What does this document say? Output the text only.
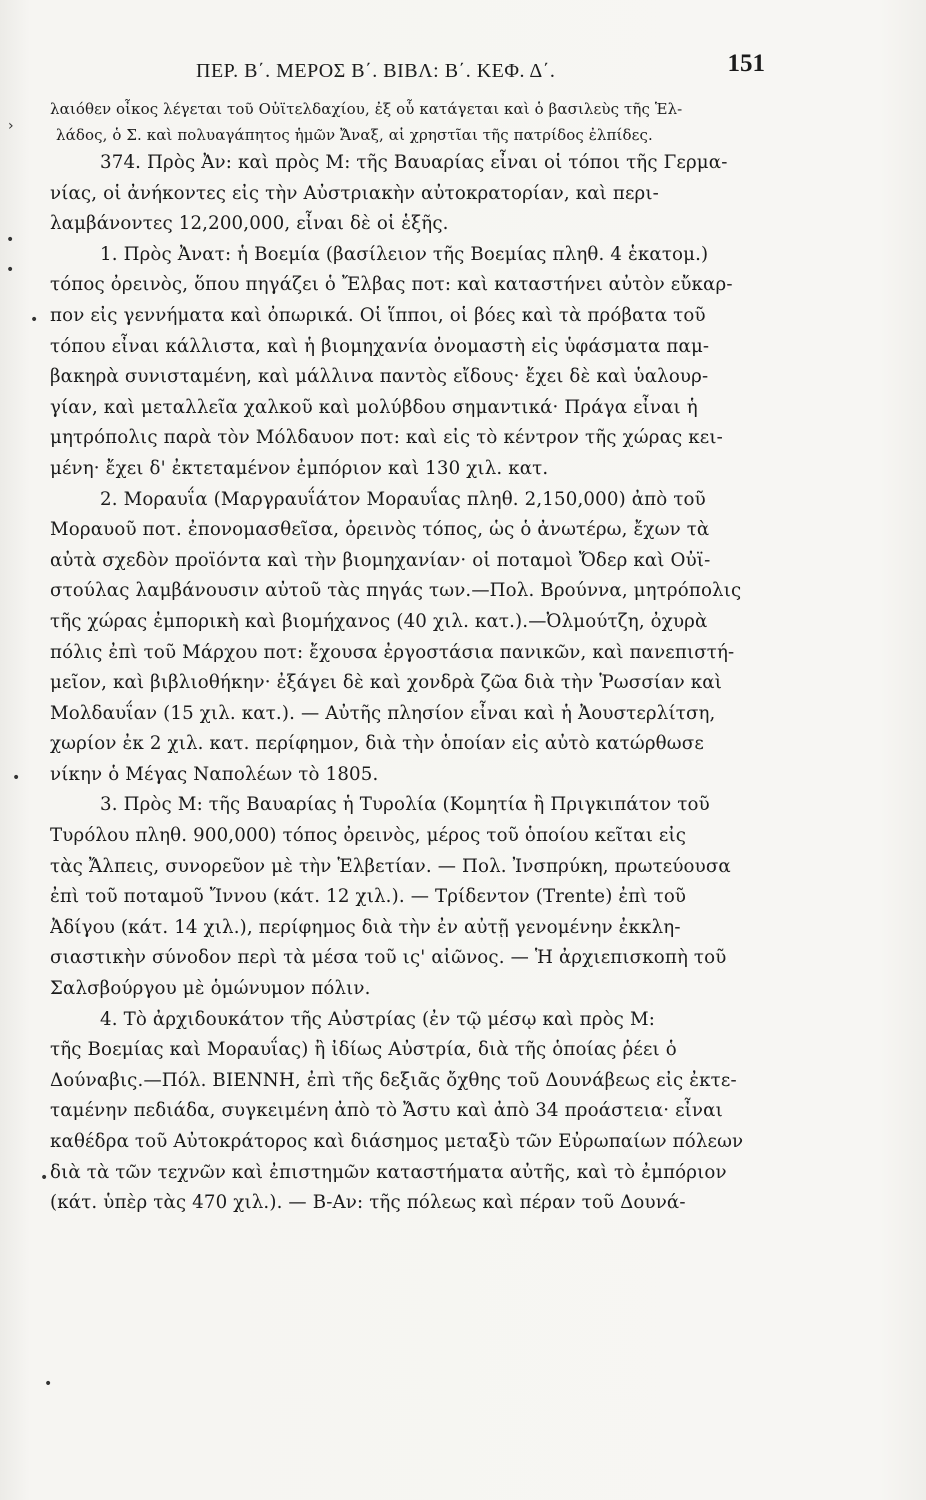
ΠΕΡ. Β΄. ΜΕΡΟΣ Β΄. ΒΙΒΛ: Β΄. ΚΕΦ. Δ΄.	151
›
•
•
•
•
•
•
λαιόθεν οἶκος λέγεται τοῦ Οὐϊτελδαχίου, ἐξ οὗ κατάγεται καὶ ὁ βασιλεὺς τῆς Ἑλ-
λάδος, ὁ Σ. καὶ πολυαγάπητος ἡμῶν Ἄναξ, αἱ χρηστῖαι τῆς πατρίδος ἐλπίδες.
374. Πρὸς Ἀν: καὶ πρὸς Μ: τῆς Βαυαρίας εἶναι οἱ τόποι τῆς Γερμα-
νίας, οἱ ἀνήκοντες εἰς τὴν Αὐστριακὴν αὐτοκρατορίαν, καὶ περι-
λαμβάνοντες 12,200,000, εἶναι δὲ οἱ ἑξῆς.
1. Πρὸς Ἀνατ: ἡ Βοεμία (βασίλειον τῆς Βοεμίας πληθ. 4 ἑκατομ.)
τόπος ὀρεινὸς, ὅπου πηγάζει ὁ Ἔλβας ποτ: καὶ καταστήνει αὐτὸν εὔκαρ-
πον εἰς γεννήματα καὶ ὀπωρικά. Οἱ ἵπποι, οἱ βόες καὶ τὰ πρόβατα τοῦ
τόπου εἶναι κάλλιστα, καὶ ἡ βιομηχανία ὀνομαστὴ εἰς ὑφάσματα παμ-
βακηρὰ συνισταμένη, καὶ μάλλινα παντὸς εἴδους· ἔχει δὲ καὶ ὑαλουρ-
γίαν, καὶ μεταλλεῖα χαλκοῦ καὶ μολύβδου σημαντικά· Πράγα εἶναι ἡ
μητρόπολις παρὰ τὸν Μόλδαυον ποτ: καὶ εἰς τὸ κέντρον τῆς χώρας κει-
μένη· ἔχει δ' ἐκτεταμένον ἐμπόριον καὶ 130 χιλ. κατ.
2. Μοραυΐα (Μαργραυΐάτον Μοραυΐας πληθ. 2,150,000) ἀπὸ τοῦ
Μοραυοῦ ποτ. ἐπονομασθεῖσα, ὀρεινὸς τόπος, ὡς ὁ ἀνωτέρω, ἔχων τὰ
αὐτὰ σχεδὸν προϊόντα καὶ τὴν βιομηχανίαν· οἱ ποταμοὶ Ὄδερ καὶ Οὐϊ-
στούλας λαμβάνουσιν αὐτοῦ τὰς πηγάς των.—Πολ. Βρούννα, μητρόπολις
τῆς χώρας ἐμπορικὴ καὶ βιομήχανος (40 χιλ. κατ.).—Ὀλμούτζη, ὀχυρὰ
πόλις ἐπὶ τοῦ Μάρχου ποτ: ἔχουσα ἐργοστάσια πανικῶν, καὶ πανεπιστή-
μεῖον, καὶ βιβλιοθήκην· ἐξάγει δὲ καὶ χονδρὰ ζῶα διὰ τὴν Ῥωσσίαν καὶ
Μολδαυΐαν (15 χιλ. κατ.). — Αὐτῆς πλησίον εἶναι καὶ ἡ Ἀουστερλίτση,
χωρίον ἐκ 2 χιλ. κατ. περίφημον, διὰ τὴν ὁποίαν εἰς αὐτὸ κατώρθωσε
νίκην ὁ Μέγας Ναπολέων τὸ 1805.
3. Πρὸς Μ: τῆς Βαυαρίας ἡ Τυρολία (Κομητία ἢ Πριγκιπάτον τοῦ
Τυρόλου πληθ. 900,000) τόπος ὀρεινὸς, μέρος τοῦ ὁποίου κεῖται εἰς
τὰς Ἄλπεις, συνορεῦον μὲ τὴν Ἑλβετίαν. — Πολ. Ἰνσπρύκη, πρωτεύουσα
ἐπὶ τοῦ ποταμοῦ Ἴννου (κάτ. 12 χιλ.). — Τρίδεντον (Trente) ἐπὶ τοῦ
Ἀδίγου (κάτ. 14 χιλ.), περίφημος διὰ τὴν ἐν αὐτῇ γενομένην ἐκκλη-
σιαστικὴν σύνοδον περὶ τὰ μέσα τοῦ ις' αἰῶνος. — Ἡ ἀρχιεπισκοπὴ τοῦ
Σαλσβούργου μὲ ὁμώνυμον πόλιν.
4. Τὸ ἀρχιδουκάτον τῆς Αὐστρίας (ἐν τῷ μέσῳ καὶ πρὸς Μ:
τῆς Βοεμίας καὶ Μοραυΐας) ἢ ἰδίως Αὐστρία, διὰ τῆς ὁποίας ῥέει ὁ
Δούναβις.—Πόλ. ΒΙΕΝΝΗ, ἐπὶ τῆς δεξιᾶς ὄχθης τοῦ Δουνάβεως εἰς ἐκτε-
ταμένην πεδιάδα, συγκειμένη ἀπὸ τὸ Ἄστυ καὶ ἀπὸ 34 προάστεια· εἶναι
καθέδρα τοῦ Αὐτοκράτορος καὶ διάσημος μεταξὺ τῶν Εὐρωπαίων πόλεων
διὰ τὰ τῶν τεχνῶν καὶ ἐπιστημῶν καταστήματα αὐτῆς, καὶ τὸ ἐμπόριον
(κάτ. ὑπὲρ τὰς 470 χιλ.). — Β-Αν: τῆς πόλεως καὶ πέραν τοῦ Δουνά-
